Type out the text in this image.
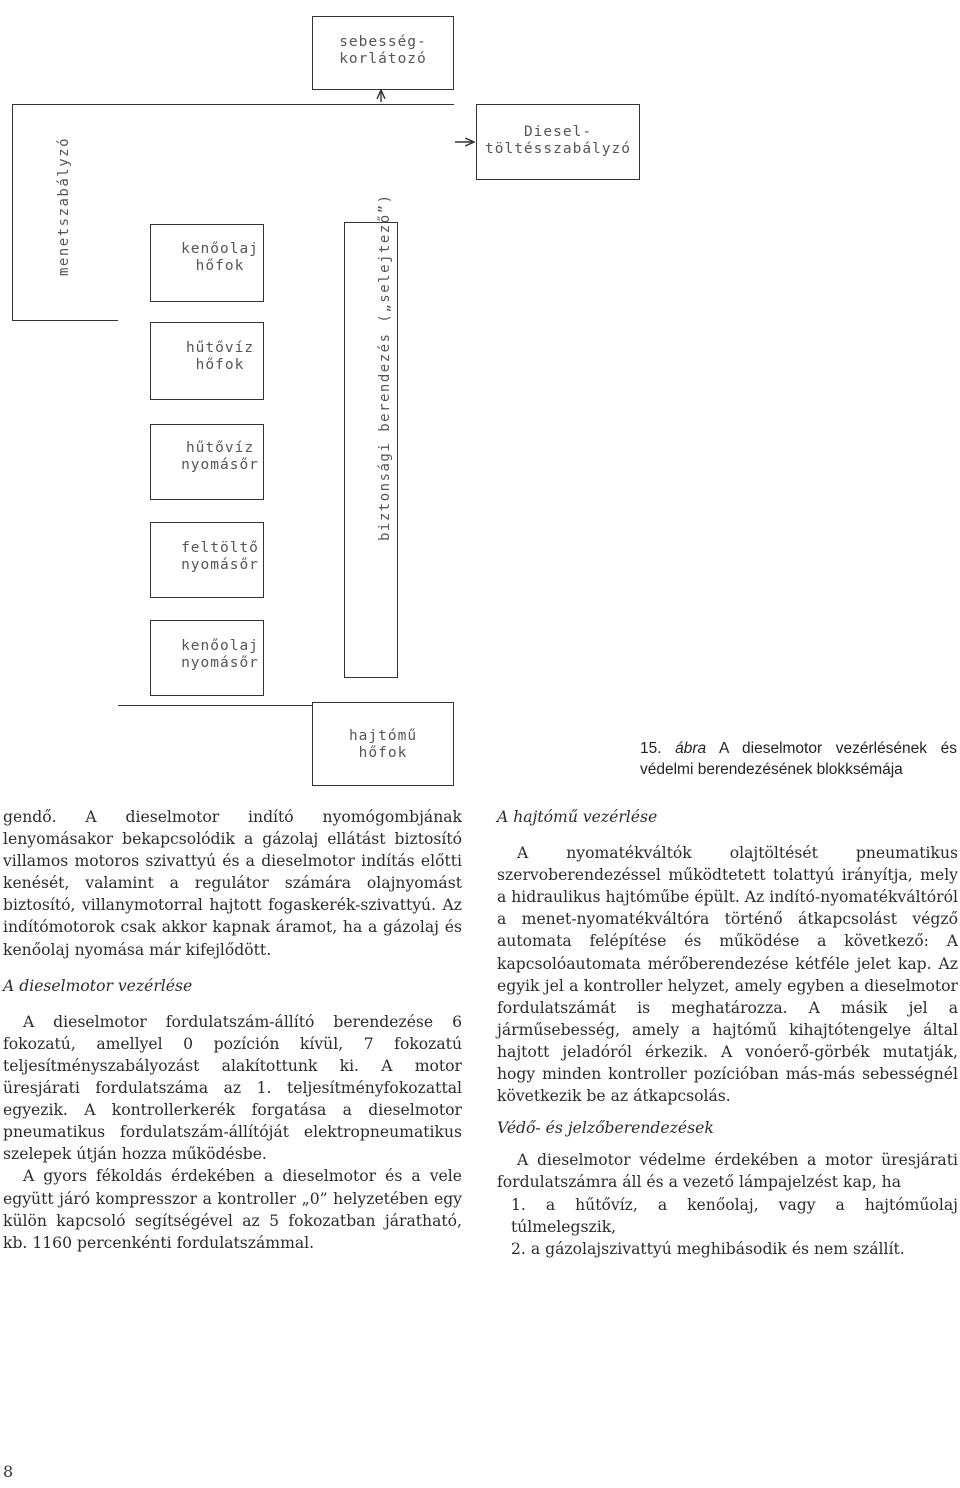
sebesség-
korlátozó
Diesel-
töltésszabályzó
menetszabályzó	biztonsági berendezés („selejtező”)
kenőolaj
hőfok
hűtővíz
hőfok
hűtővíz
nyomásőr
feltöltő
nyomásőr
kenőolaj
nyomásőr
hajtómű
hőfok	15. ábra A dieselmotor vezérlésének és védelmi berendezésének blokksémája

gendő. A dieselmotor indító nyomógombjának lenyomásakor bekapcsolódik a gázolaj ellátást biztosító villamos motoros szivattyú és a dieselmotor indítás előtti kenését, valamint a regulátor számára olajnyomást biztosító, villanymotorral hajtott fogaskerék-szivattyú. Az indítómotorok csak akkor kapnak áramot, ha a gázolaj és kenőolaj nyomása már kifejlődött.

A dieselmotor vezérlése

A dieselmotor fordulatszám-állító berendezése 6 fokozatú, amellyel 0 pozíción kívül, 7 fokozatú teljesítményszabályozást alakítottunk ki. A motor üresjárati fordulatszáma az 1. teljesítményfokozattal egyezik. A kontrollerkerék forgatása a dieselmotor pneumatikus fordulatszám-állítóját elektropneumatikus szelepek útján hozza működésbe.

A gyors fékoldás érdekében a dieselmotor és a vele együtt járó kompresszor a kontroller „0” helyzetében egy külön kapcsoló segítségével az 5 fokozatban járatható, kb. 1160 percenkénti fordulatszámmal.

A hajtómű vezérlése

A nyomatékváltók olajtöltését pneumatikus szervoberendezéssel működtetett tolattyú irányítja, mely a hidraulikus hajtóműbe épült. Az indító-nyomatékváltóról a menet-nyomatékváltóra történő átkapcsolást végző automata felépítése és működése a következő: A kapcsolóautomata mérőberendezése kétféle jelet kap. Az egyik jel a kontroller helyzet, amely egyben a dieselmotor fordulatszámát is meghatározza. A másik jel a járműsebesség, amely a hajtómű kihajtótengelye által hajtott jeladóról érkezik. A vonóerő-görbék mutatják, hogy minden kontroller pozícióban más-más sebességnél következik be az átkapcsolás.

Védő- és jelzőberendezések

A dieselmotor védelme érdekében a motor üresjárati fordulatszámra áll és a vezető lámpajelzést kap, ha

1. a hűtővíz, a kenőolaj, vagy a hajtóműolaj túlmelegszik,

2. a gázolajszivattyú meghibásodik és nem szállít.

8
